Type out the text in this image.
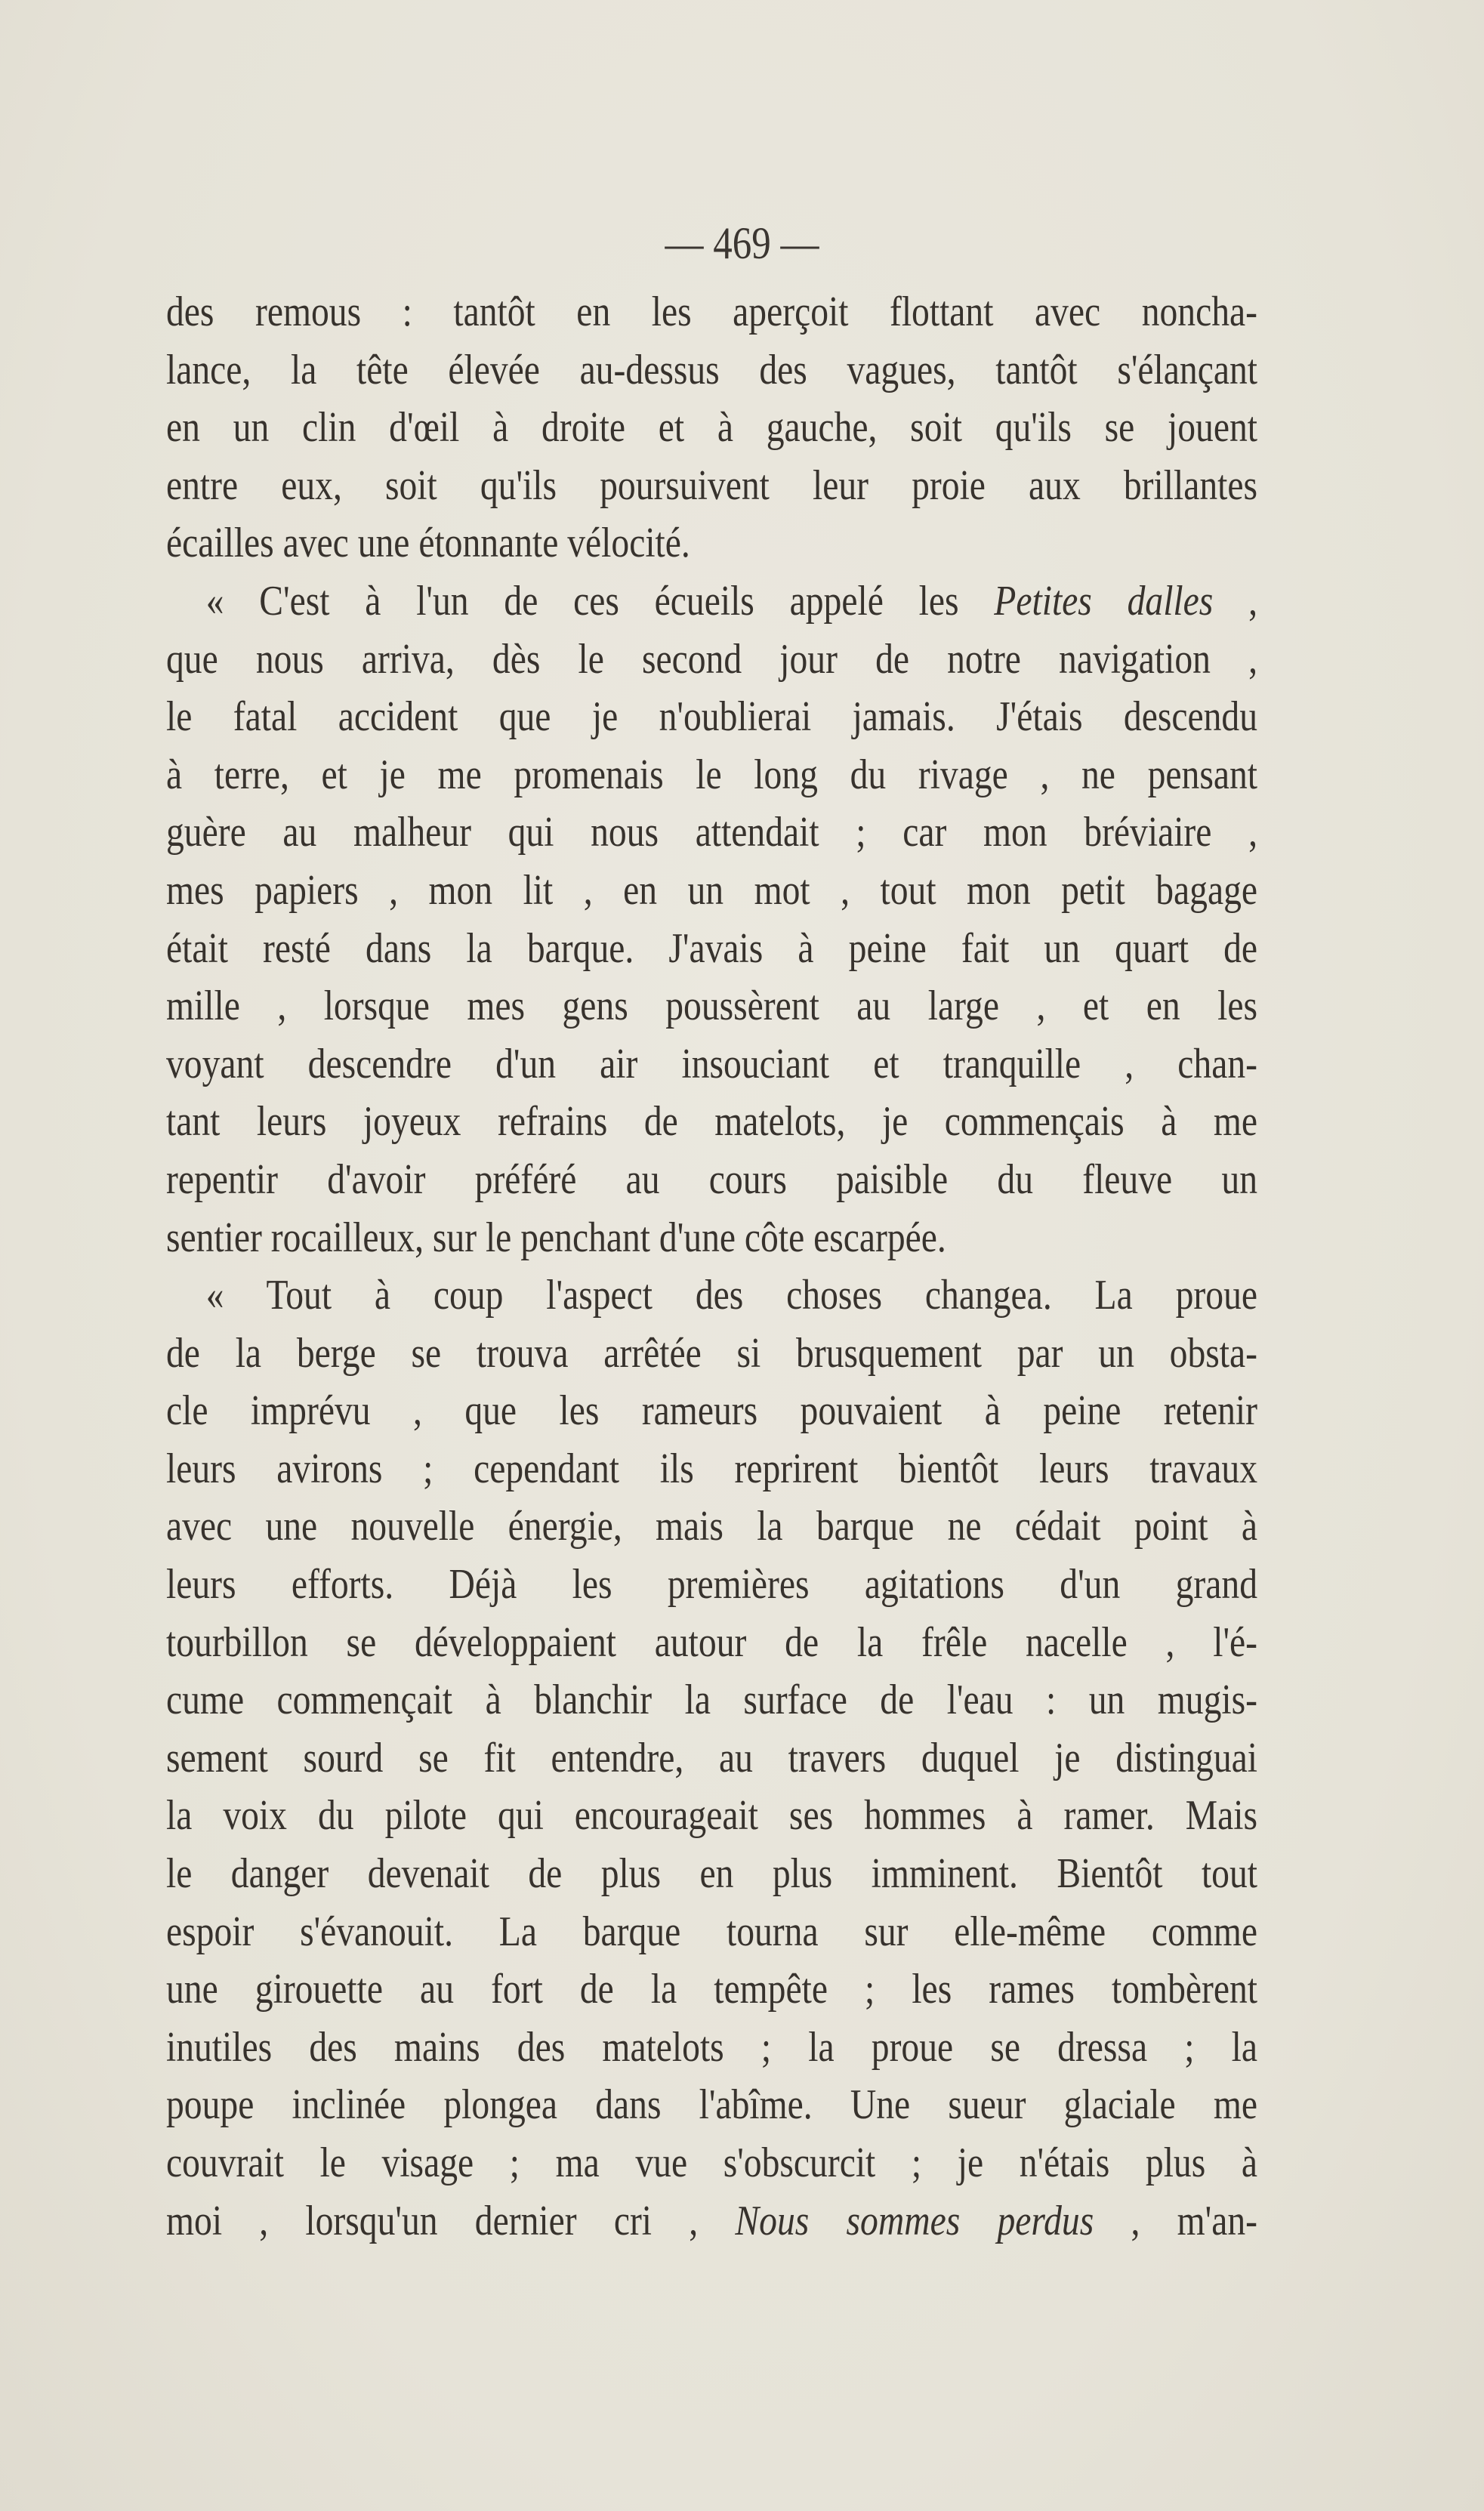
— 469 —
des remous : tantôt en les aperçoit flottant avec noncha-
lance, la tête élevée au-dessus des vagues, tantôt s'élançant
en un clin d'œil à droite et à gauche, soit qu'ils se jouent
entre eux, soit qu'ils poursuivent leur proie aux brillantes
écailles avec une étonnante vélocité.
« C'est à l'un de ces écueils appelé les Petites dalles ,
que nous arriva, dès le second jour de notre navigation ,
le fatal accident que je n'oublierai jamais. J'étais descendu
à terre, et je me promenais le long du rivage , ne pensant
guère au malheur qui nous attendait ; car mon bréviaire ,
mes papiers , mon lit , en un mot , tout mon petit bagage
était resté dans la barque. J'avais à peine fait un quart de
mille , lorsque mes gens poussèrent au large , et en les
voyant descendre d'un air insouciant et tranquille , chan-
tant leurs joyeux refrains de matelots, je commençais à me
repentir d'avoir préféré au cours paisible du fleuve un
sentier rocailleux, sur le penchant d'une côte escarpée.
« Tout à coup l'aspect des choses changea. La proue
de la berge se trouva arrêtée si brusquement par un obsta-
cle imprévu , que les rameurs pouvaient à peine retenir
leurs avirons ; cependant ils reprirent bientôt leurs travaux
avec une nouvelle énergie, mais la barque ne cédait point à
leurs efforts. Déjà les premières agitations d'un grand
tourbillon se développaient autour de la frêle nacelle , l'é-
cume commençait à blanchir la surface de l'eau : un mugis-
sement sourd se fit entendre, au travers duquel je distinguai
la voix du pilote qui encourageait ses hommes à ramer. Mais
le danger devenait de plus en plus imminent. Bientôt tout
espoir s'évanouit. La barque tourna sur elle-même comme
une girouette au fort de la tempête ; les rames tombèrent
inutiles des mains des matelots ; la proue se dressa ; la
poupe inclinée plongea dans l'abîme. Une sueur glaciale me
couvrait le visage ; ma vue s'obscurcit ; je n'étais plus à
moi , lorsqu'un dernier cri , Nous sommes perdus , m'an-
